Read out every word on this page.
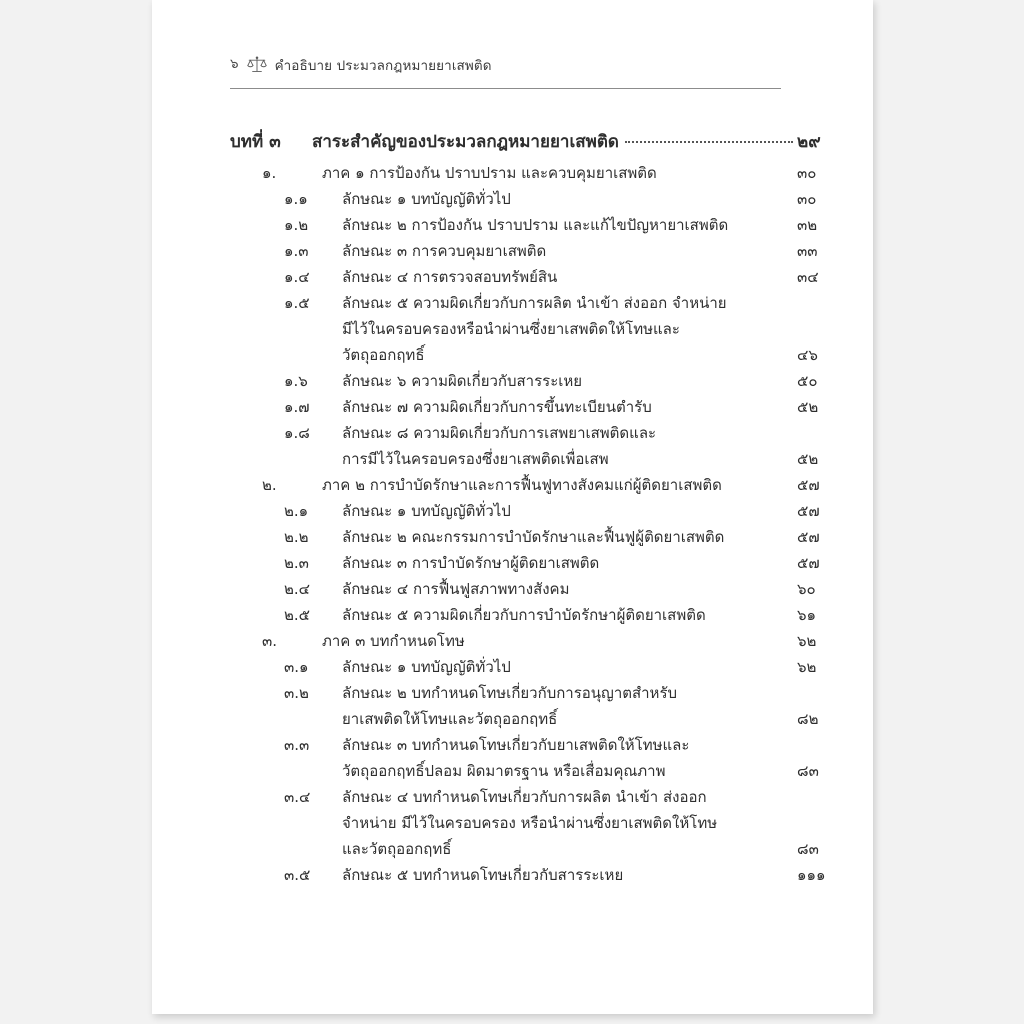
๖	คำอธิบาย ประมวลกฎหมายยาเสพติด
บทที่ ๓	สาระสำคัญของประมวลกฎหมายยาเสพติด	๒๙
๑.	ภาค ๑ การป้องกัน ปราบปราม และควบคุมยาเสพติด	๓๐
๑.๑	ลักษณะ ๑ บทบัญญัติทั่วไป	๓๐
๑.๒	ลักษณะ ๒ การป้องกัน ปราบปราม และแก้ไขปัญหายาเสพติด	๓๒
๑.๓	ลักษณะ ๓ การควบคุมยาเสพติด	๓๓
๑.๔	ลักษณะ ๔ การตรวจสอบทรัพย์สิน	๓๔
๑.๕	ลักษณะ ๕ ความผิดเกี่ยวกับการผลิต นำเข้า ส่งออก จำหน่าย
มีไว้ในครอบครองหรือนำผ่านซึ่งยาเสพติดให้โทษและ
วัตถุออกฤทธิ์	๔๖
๑.๖	ลักษณะ ๖ ความผิดเกี่ยวกับสารระเหย	๕๐
๑.๗	ลักษณะ ๗ ความผิดเกี่ยวกับการขึ้นทะเบียนตำรับ	๕๒
๑.๘	ลักษณะ ๘ ความผิดเกี่ยวกับการเสพยาเสพติดและ
การมีไว้ในครอบครองซึ่งยาเสพติดเพื่อเสพ	๕๒
๒.	ภาค ๒ การบำบัดรักษาและการฟื้นฟูทางสังคมแก่ผู้ติดยาเสพติด	๕๗
๒.๑	ลักษณะ ๑ บทบัญญัติทั่วไป	๕๗
๒.๒	ลักษณะ ๒ คณะกรรมการบำบัดรักษาและฟื้นฟูผู้ติดยาเสพติด	๕๗
๒.๓	ลักษณะ ๓ การบำบัดรักษาผู้ติดยาเสพติด	๕๗
๒.๔	ลักษณะ ๔ การฟื้นฟูสภาพทางสังคม	๖๐
๒.๕	ลักษณะ ๕ ความผิดเกี่ยวกับการบำบัดรักษาผู้ติดยาเสพติด	๖๑
๓.	ภาค ๓ บทกำหนดโทษ	๖๒
๓.๑	ลักษณะ ๑ บทบัญญัติทั่วไป	๖๒
๓.๒	ลักษณะ ๒ บทกำหนดโทษเกี่ยวกับการอนุญาตสำหรับ
ยาเสพติดให้โทษและวัตถุออกฤทธิ์	๘๒
๓.๓	ลักษณะ ๓ บทกำหนดโทษเกี่ยวกับยาเสพติดให้โทษและ
วัตถุออกฤทธิ์ปลอม ผิดมาตรฐาน หรือเสื่อมคุณภาพ	๘๓
๓.๔	ลักษณะ ๔ บทกำหนดโทษเกี่ยวกับการผลิต นำเข้า ส่งออก
จำหน่าย มีไว้ในครอบครอง หรือนำผ่านซึ่งยาเสพติดให้โทษ
และวัตถุออกฤทธิ์	๘๓
๓.๕	ลักษณะ ๕ บทกำหนดโทษเกี่ยวกับสารระเหย	๑๑๑
